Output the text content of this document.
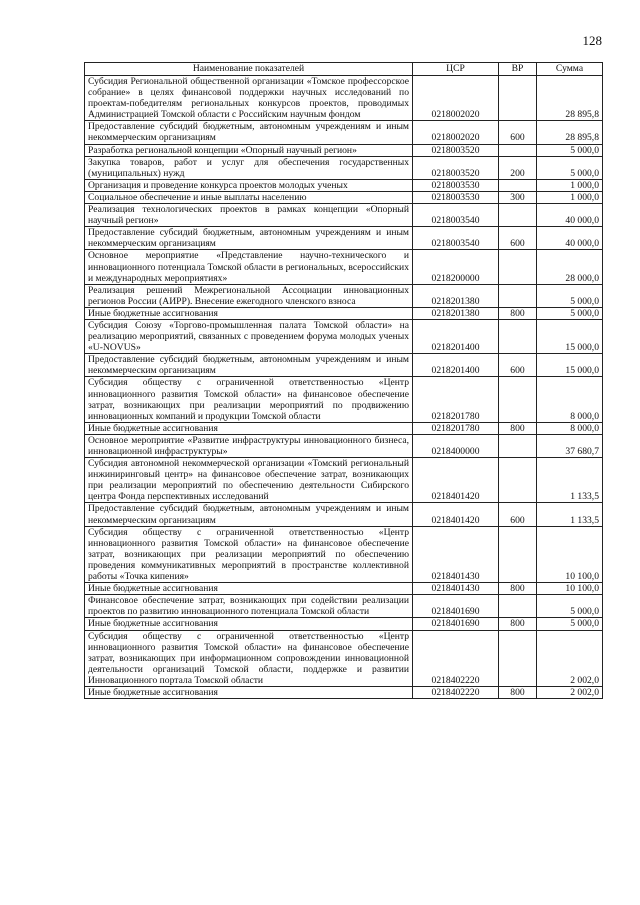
128
Наименование показателей	ЦСР	ВР	Сумма
Субсидия Региональной общественной организации «Томское профессорское собрание» в целях финансовой поддержки научных исследований по проектам-победителям региональных конкурсов проектов, проводимых Администрацией Томской области с Российским научным фондом	0218002020		28 895,8
Предоставление субсидий бюджетным, автономным учреждениям и иным некоммерческим организациям	0218002020	600	28 895,8
Разработка региональной концепции «Опорный научный регион»	0218003520		5 000,0
Закупка товаров, работ и услуг для обеспечения государственных (муниципальных) нужд	0218003520	200	5 000,0
Организация и проведение конкурса проектов молодых ученых	0218003530		1 000,0
Социальное обеспечение и иные выплаты населению	0218003530	300	1 000,0
Реализация технологических проектов в рамках концепции «Опорный научный регион»	0218003540		40 000,0
Предоставление субсидий бюджетным, автономным учреждениям и иным некоммерческим организациям	0218003540	600	40 000,0
Основное мероприятие «Представление научно-технического и инновационного потенциала Томской области в региональных, всероссийских и международных мероприятиях»	0218200000		28 000,0
Реализация решений Межрегиональной Ассоциации инновационных регионов России (АИРР). Внесение ежегодного членского взноса	0218201380		5 000,0
Иные бюджетные ассигнования	0218201380	800	5 000,0
Субсидия Союзу «Торгово-промышленная палата Томской области» на реализацию мероприятий, связанных с проведением форума молодых ученых «U-NOVUS»	0218201400		15 000,0
Предоставление субсидий бюджетным, автономным учреждениям и иным некоммерческим организациям	0218201400	600	15 000,0
Субсидия обществу с ограниченной ответственностью «Центр инновационного развития Томской области» на финансовое обеспечение затрат, возникающих при реализации мероприятий по продвижению инновационных компаний и продукции Томской области	0218201780		8 000,0
Иные бюджетные ассигнования	0218201780	800	8 000,0
Основное мероприятие «Развитие инфраструктуры инновационного бизнеса, инновационной инфраструктуры»	0218400000		37 680,7
Субсидия автономной некоммерческой организации «Томский региональный инжиниринговый центр» на финансовое обеспечение затрат, возникающих при реализации мероприятий по обеспечению деятельности Сибирского центра Фонда перспективных исследований	0218401420		1 133,5
Предоставление субсидий бюджетным, автономным учреждениям и иным некоммерческим организациям	0218401420	600	1 133,5
Субсидия обществу с ограниченной ответственностью «Центр инновационного развития Томской области» на финансовое обеспечение затрат, возникающих при реализации мероприятий по обеспечению проведения коммуникативных мероприятий в пространстве коллективной работы «Точка кипения»	0218401430		10 100,0
Иные бюджетные ассигнования	0218401430	800	10 100,0
Финансовое обеспечение затрат, возникающих при содействии реализации проектов по развитию инновационного потенциала Томской области	0218401690		5 000,0
Иные бюджетные ассигнования	0218401690	800	5 000,0
Субсидия обществу с ограниченной ответственностью «Центр инновационного развития Томской области» на финансовое обеспечение затрат, возникающих при информационном сопровождении инновационной деятельности организаций Томской области, поддержке и развитии Инновационного портала Томской области	0218402220		2 002,0
Иные бюджетные ассигнования	0218402220	800	2 002,0
